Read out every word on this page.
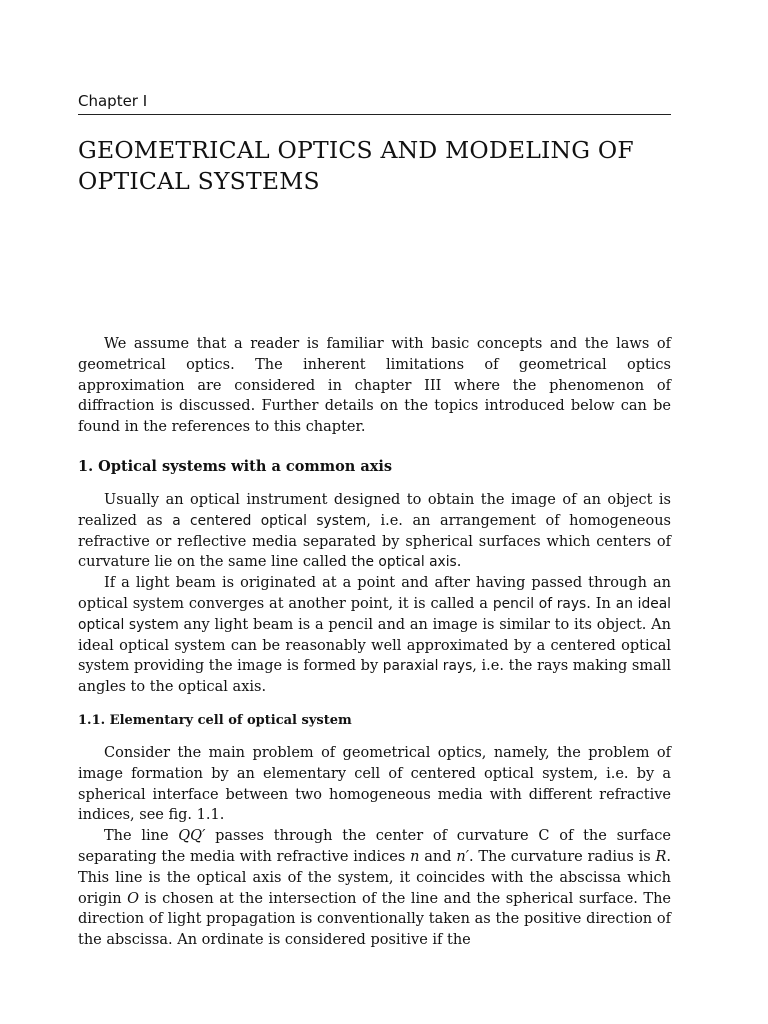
Chapter I
GEOMETRICAL OPTICS AND MODELING OF OPTICAL SYSTEMS

We assume that a reader is familiar with basic concepts and the laws of geometrical optics. The inherent limitations of geometrical optics approximation are considered in chapter III where the phenomenon of diffraction is discussed. Further details on the topics introduced below can be found in the references to this chapter.

1. Optical systems with a common axis

Usually an optical instrument designed to obtain the image of an object is realized as a centered optical system, i.e. an arrangement of homogeneous refractive or reflective media separated by spherical surfaces which centers of curvature lie on the same line called the optical axis.

If a light beam is originated at a point and after having passed through an optical system converges at another point, it is called a pencil of rays. In an ideal optical system any light beam is a pencil and an image is similar to its object. An ideal optical system can be reasonably well approximated by a centered optical system providing the image is formed by paraxial rays, i.e. the rays making small angles to the optical axis.

1.1. Elementary cell of optical system

Consider the main problem of geometrical optics, namely, the problem of image formation by an elementary cell of centered optical system, i.e. by a spherical interface between two homogeneous media with different refractive indices, see fig. 1.1.

The line QQ′ passes through the center of curvature C of the surface separating the media with refractive indices n and n′. The curvature radius is R. This line is the optical axis of the system, it coincides with the abscissa which origin O is chosen at the intersection of the line and the spherical surface. The direction of light propagation is conventionally taken as the positive direction of the abscissa. An ordinate is considered positive if the
